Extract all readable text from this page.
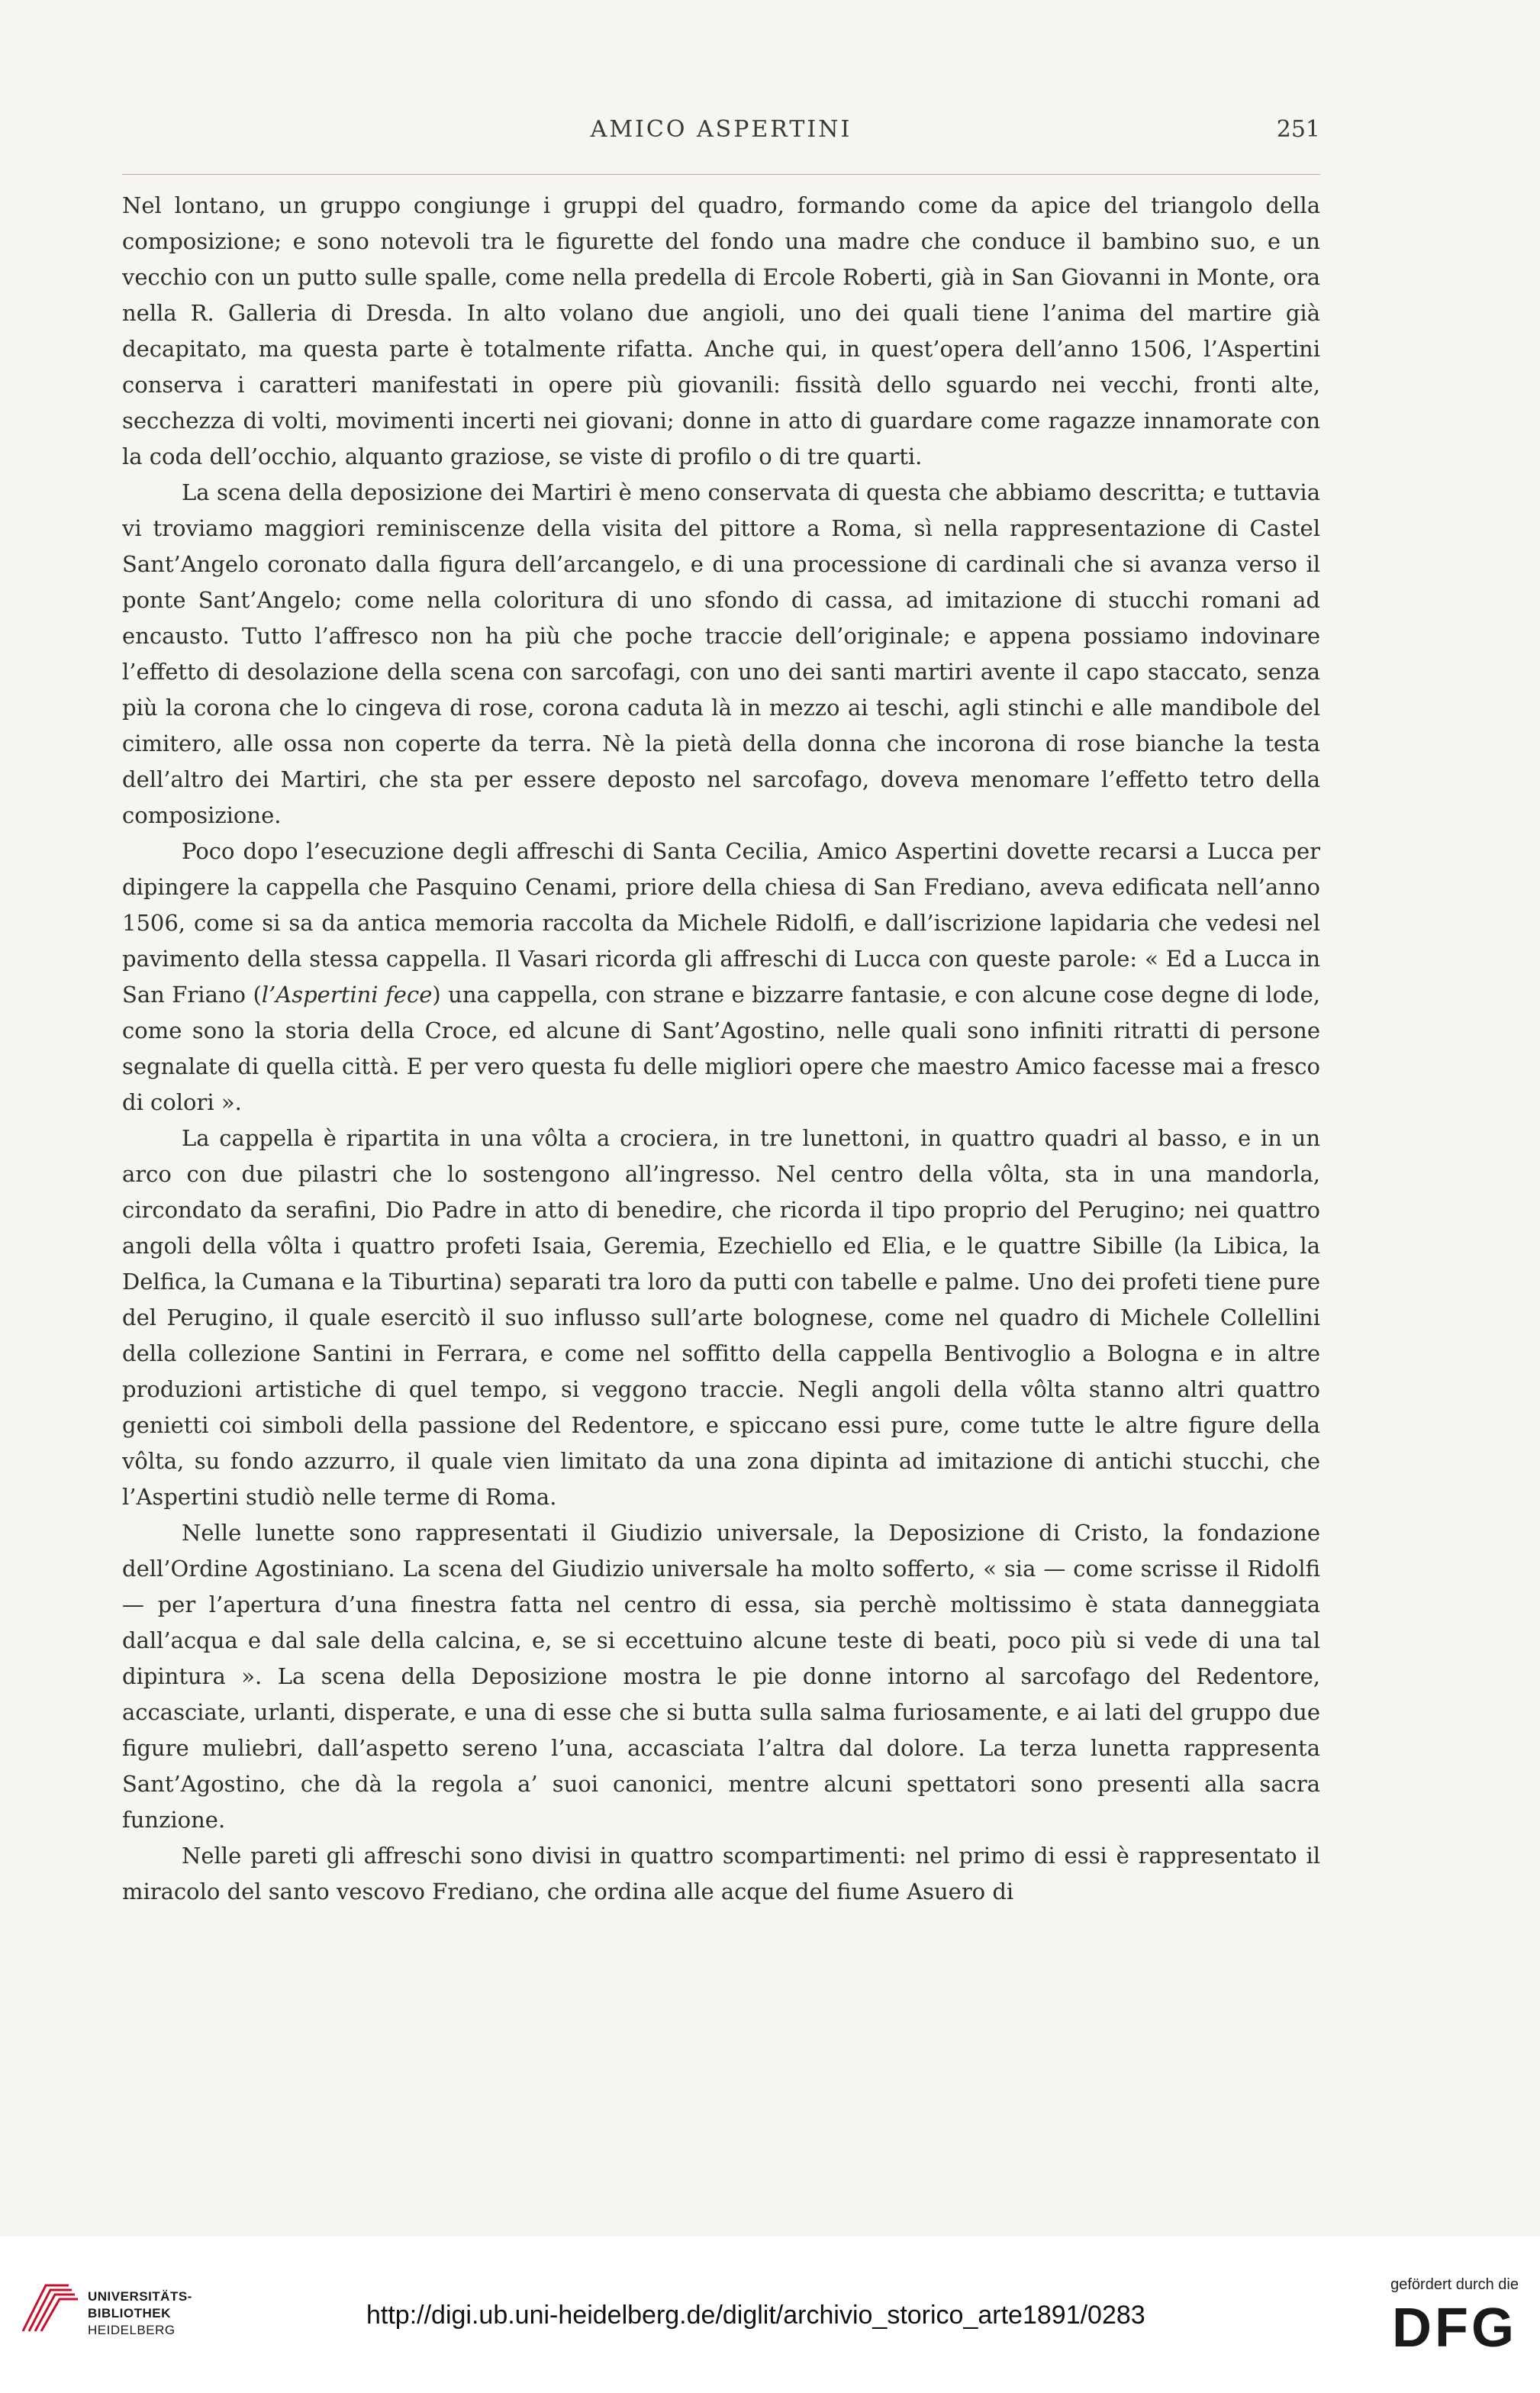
AMICO ASPERTINI	251

Nel lontano, un gruppo congiunge i gruppi del quadro, formando come da apice del triangolo della composizione; e sono notevoli tra le figurette del fondo una madre che conduce il bambino suo, e un vecchio con un putto sulle spalle, come nella predella di Ercole Roberti, già in San Giovanni in Monte, ora nella R. Galleria di Dresda. In alto volano due angioli, uno dei quali tiene l’anima del martire già decapitato, ma questa parte è totalmente rifatta. Anche qui, in quest’opera dell’anno 1506, l’Aspertini conserva i caratteri manifestati in opere più giovanili: fissità dello sguardo nei vecchi, fronti alte, secchezza di volti, movimenti incerti nei giovani; donne in atto di guardare come ragazze innamorate con la coda dell’occhio, alquanto graziose, se viste di profilo o di tre quarti.

La scena della deposizione dei Martiri è meno conservata di questa che abbiamo descritta; e tuttavia vi troviamo maggiori reminiscenze della visita del pittore a Roma, sì nella rappresentazione di Castel Sant’Angelo coronato dalla figura dell’arcangelo, e di una processione di cardinali che si avanza verso il ponte Sant’Angelo; come nella coloritura di uno sfondo di cassa, ad imitazione di stucchi romani ad encausto. Tutto l’affresco non ha più che poche traccie dell’originale; e appena possiamo indovinare l’effetto di desolazione della scena con sarcofagi, con uno dei santi martiri avente il capo staccato, senza più la corona che lo cingeva di rose, corona caduta là in mezzo ai teschi, agli stinchi e alle mandibole del cimitero, alle ossa non coperte da terra. Nè la pietà della donna che incorona di rose bianche la testa dell’altro dei Martiri, che sta per essere deposto nel sarcofago, doveva menomare l’effetto tetro della composizione.

Poco dopo l’esecuzione degli affreschi di Santa Cecilia, Amico Aspertini dovette recarsi a Lucca per dipingere la cappella che Pasquino Cenami, priore della chiesa di San Frediano, aveva edificata nell’anno 1506, come si sa da antica memoria raccolta da Michele Ridolfi, e dall’iscrizione lapidaria che vedesi nel pavimento della stessa cappella. Il Vasari ricorda gli affreschi di Lucca con queste parole: « Ed a Lucca in San Friano (l’Aspertini fece) una cappella, con strane e bizzarre fantasie, e con alcune cose degne di lode, come sono la storia della Croce, ed alcune di Sant’Agostino, nelle quali sono infiniti ritratti di persone segnalate di quella città. E per vero questa fu delle migliori opere che maestro Amico facesse mai a fresco di colori ».

La cappella è ripartita in una vôlta a crociera, in tre lunettoni, in quattro quadri al basso, e in un arco con due pilastri che lo sostengono all’ingresso. Nel centro della vôlta, sta in una mandorla, circondato da serafini, Dio Padre in atto di benedire, che ricorda il tipo proprio del Perugino; nei quattro angoli della vôlta i quattro profeti Isaia, Geremia, Ezechiello ed Elia, e le quattre Sibille (la Libica, la Delfica, la Cumana e la Tiburtina) separati tra loro da putti con tabelle e palme. Uno dei profeti tiene pure del Perugino, il quale esercitò il suo influsso sull’arte bolognese, come nel quadro di Michele Collellini della collezione Santini in Ferrara, e come nel soffitto della cappella Bentivoglio a Bologna e in altre produzioni artistiche di quel tempo, si veggono traccie. Negli angoli della vôlta stanno altri quattro genietti coi simboli della passione del Redentore, e spiccano essi pure, come tutte le altre figure della vôlta, su fondo azzurro, il quale vien limitato da una zona dipinta ad imitazione di antichi stucchi, che l’Aspertini studiò nelle terme di Roma.

Nelle lunette sono rappresentati il Giudizio universale, la Deposizione di Cristo, la fondazione dell’Ordine Agostiniano. La scena del Giudizio universale ha molto sofferto, « sia — come scrisse il Ridolfi — per l’apertura d’una finestra fatta nel centro di essa, sia perchè moltissimo è stata danneggiata dall’acqua e dal sale della calcina, e, se si eccettuino alcune teste di beati, poco più si vede di una tal dipintura ». La scena della Deposizione mostra le pie donne intorno al sarcofago del Redentore, accasciate, urlanti, disperate, e una di esse che si butta sulla salma furiosamente, e ai lati del gruppo due figure muliebri, dall’aspetto sereno l’una, accasciata l’altra dal dolore. La terza lunetta rappresenta Sant’Agostino, che dà la regola a’ suoi canonici, mentre alcuni spettatori sono presenti alla sacra funzione.

Nelle pareti gli affreschi sono divisi in quattro scompartimenti: nel primo di essi è rappresentato il miracolo del santo vescovo Frediano, che ordina alle acque del fiume Asuero di

UNIVERSITÄTS-
BIBLIOTHEK
HEIDELBERG
http://digi.ub.uni-heidelberg.de/diglit/archivio_storico_arte1891/0283
gefördert durch die
DFG
